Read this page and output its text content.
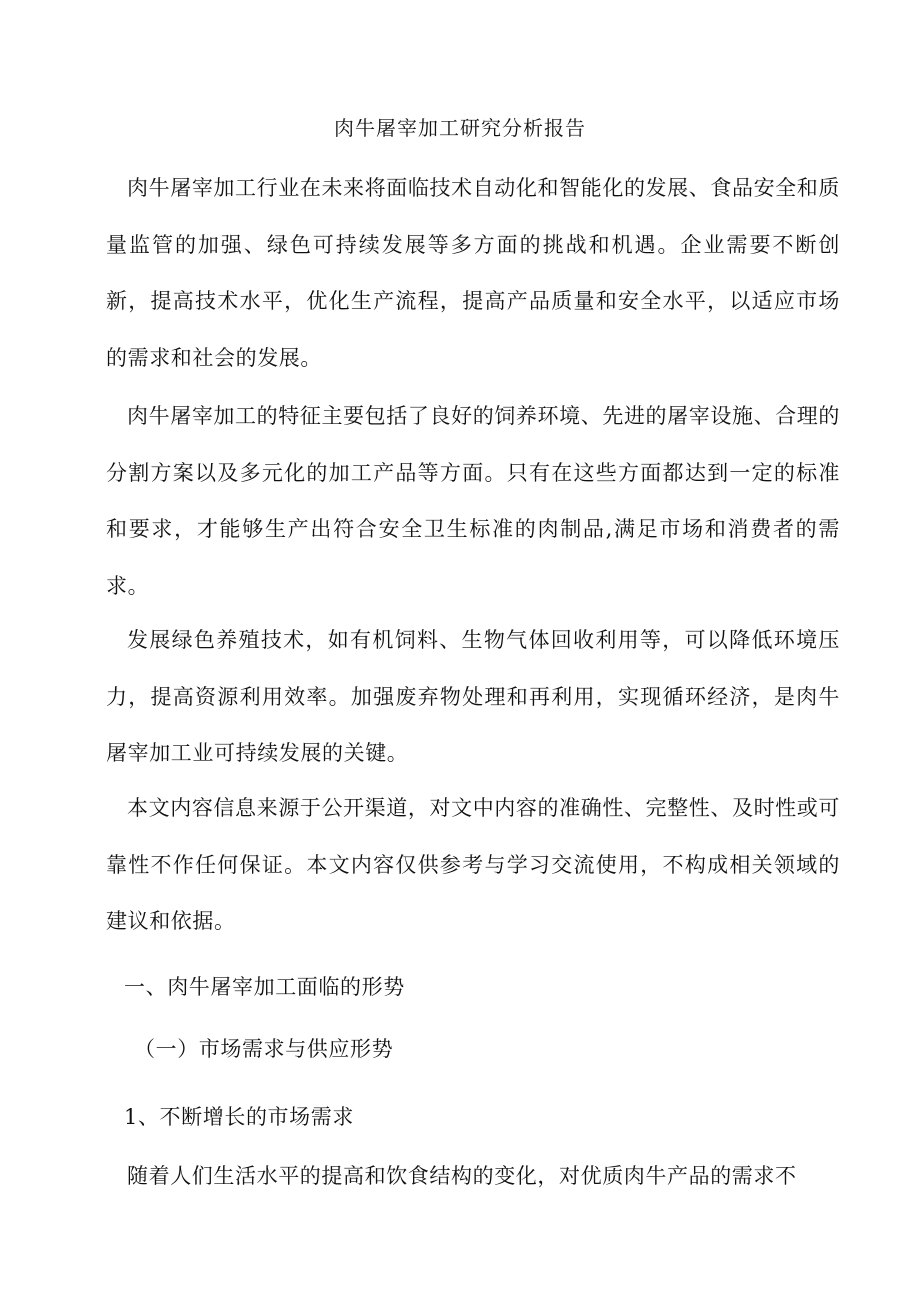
肉牛屠宰加工研究分析报告

肉牛屠宰加工行业在未来将面临技术自动化和智能化的发展、食品安全和质量监管的加强、绿色可持续发展等多方面的挑战和机遇。企业需要不断创新，提高技术水平，优化生产流程，提高产品质量和安全水平，以适应市场的需求和社会的发展。

肉牛屠宰加工的特征主要包括了良好的饲养环境、先进的屠宰设施、合理的分割方案以及多元化的加工产品等方面。只有在这些方面都达到一定的标准和要求，才能够生产出符合安全卫生标准的肉制品,满足市场和消费者的需求。

发展绿色养殖技术，如有机饲料、生物气体回收利用等，可以降低环境压力，提高资源利用效率。加强废弃物处理和再利用，实现循环经济，是肉牛屠宰加工业可持续发展的关键。

本文内容信息来源于公开渠道，对文中内容的准确性、完整性、及时性或可靠性不作任何保证。本文内容仅供参考与学习交流使用，不构成相关领域的建议和依据。

一、肉牛屠宰加工面临的形势
（一）市场需求与供应形势
1、不断增长的市场需求

随着人们生活水平的提高和饮食结构的变化，对优质肉牛产品的需求不
